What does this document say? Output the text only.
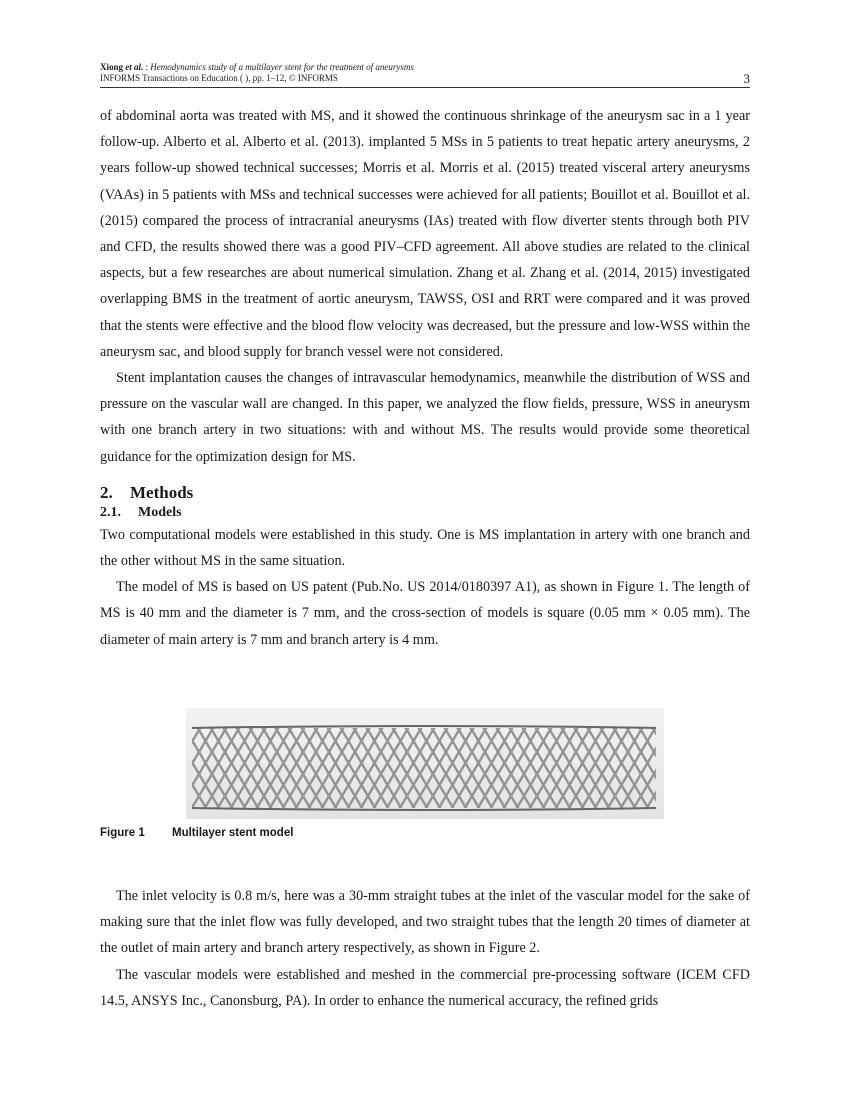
Xiong et al. : Hemodynamics study of a multilayer stent for the treatment of aneurysms
INFORMS Transactions on Education ( ), pp. 1–12, © INFORMS	3

of abdominal aorta was treated with MS, and it showed the continuous shrinkage of the aneurysm sac in a 1 year follow-up. Alberto et al. Alberto et al. (2013). implanted 5 MSs in 5 patients to treat hepatic artery aneurysms, 2 years follow-up showed technical successes; Morris et al. Morris et al. (2015) treated visceral artery aneurysms (VAAs) in 5 patients with MSs and technical successes were achieved for all patients; Bouillot et al. Bouillot et al. (2015) compared the process of intracranial aneurysms (IAs) treated with flow diverter stents through both PIV and CFD, the results showed there was a good PIV–CFD agreement. All above studies are related to the clinical aspects, but a few researches are about numerical simulation. Zhang et al. Zhang et al. (2014, 2015) investigated overlapping BMS in the treatment of aortic aneurysm, TAWSS, OSI and RRT were compared and it was proved that the stents were effective and the blood flow velocity was decreased, but the pressure and low-WSS within the aneurysm sac, and blood supply for branch vessel were not considered.

Stent implantation causes the changes of intravascular hemodynamics, meanwhile the distribution of WSS and pressure on the vascular wall are changed. In this paper, we analyzed the flow fields, pressure, WSS in aneurysm with one branch artery in two situations: with and without MS. The results would provide some theoretical guidance for the optimization design for MS.

2. Methods
2.1. Models

Two computational models were established in this study. One is MS implantation in artery with one branch and the other without MS in the same situation.

The model of MS is based on US patent (Pub.No. US 2014/0180397 A1), as shown in Figure 1. The length of MS is 40 mm and the diameter is 7 mm, and the cross-section of models is square (0.05 mm × 0.05 mm). The diameter of main artery is 7 mm and branch artery is 4 mm.

Figure 1 Multilayer stent model

The inlet velocity is 0.8 m/s, here was a 30-mm straight tubes at the inlet of the vascular model for the sake of making sure that the inlet flow was fully developed, and two straight tubes that the length 20 times of diameter at the outlet of main artery and branch artery respectively, as shown in Figure 2.

The vascular models were established and meshed in the commercial pre-processing software (ICEM CFD 14.5, ANSYS Inc., Canonsburg, PA). In order to enhance the numerical accuracy, the refined grids
